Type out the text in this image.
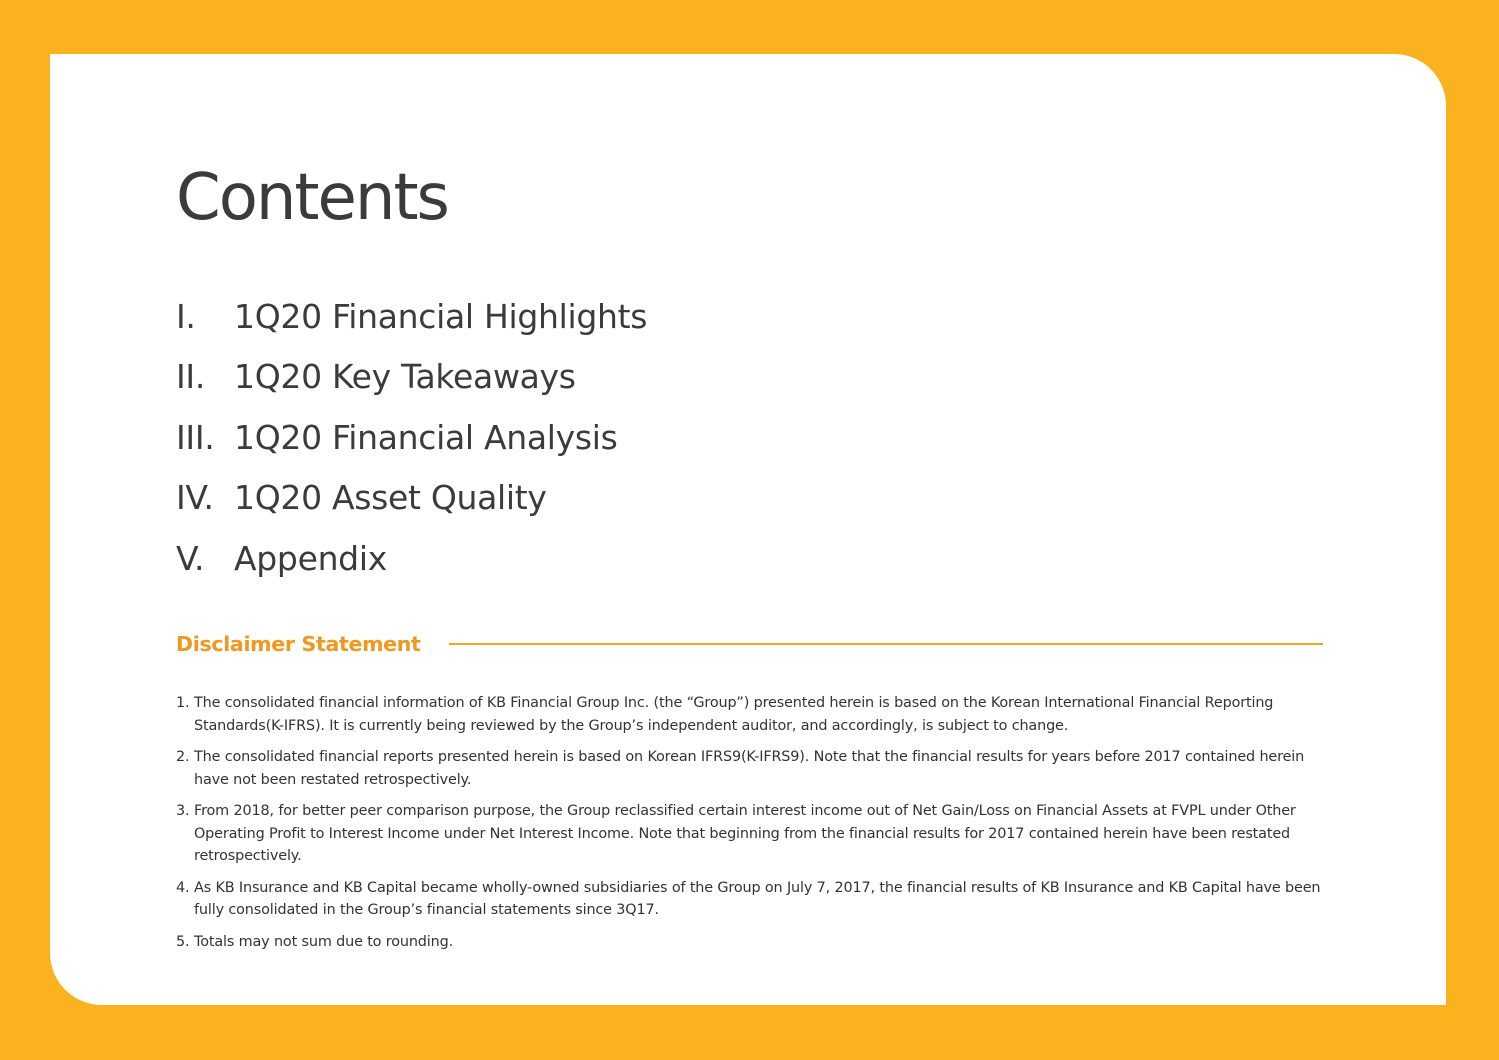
Contents
I.	1Q20 Financial Highlights
II. 1Q20 Key Takeaways
III. 1Q20 Financial Analysis
IV. 1Q20 Asset Quality
V. Appendix
Disclaimer Statement
1. The consolidated financial information of KB Financial Group Inc. (the “Group”) presented herein is based on the Korean International Financial Reporting Standards(K-IFRS). It is currently being reviewed by the Group’s independent auditor, and accordingly, is subject to change.
2. The consolidated financial reports presented herein is based on Korean IFRS9(K-IFRS9). Note that the financial results for years before 2017 contained herein have not been restated retrospectively.
3. From 2018, for better peer comparison purpose, the Group reclassified certain interest income out of Net Gain/Loss on Financial Assets at FVPL under Other Operating Profit to Interest Income under Net Interest Income. Note that beginning from the financial results for 2017 contained herein have been restated retrospectively.
4. As KB Insurance and KB Capital became wholly-owned subsidiaries of the Group on July 7, 2017, the financial results of KB Insurance and KB Capital have been fully consolidated in the Group’s financial statements since 3Q17.
5. Totals may not sum due to rounding.
